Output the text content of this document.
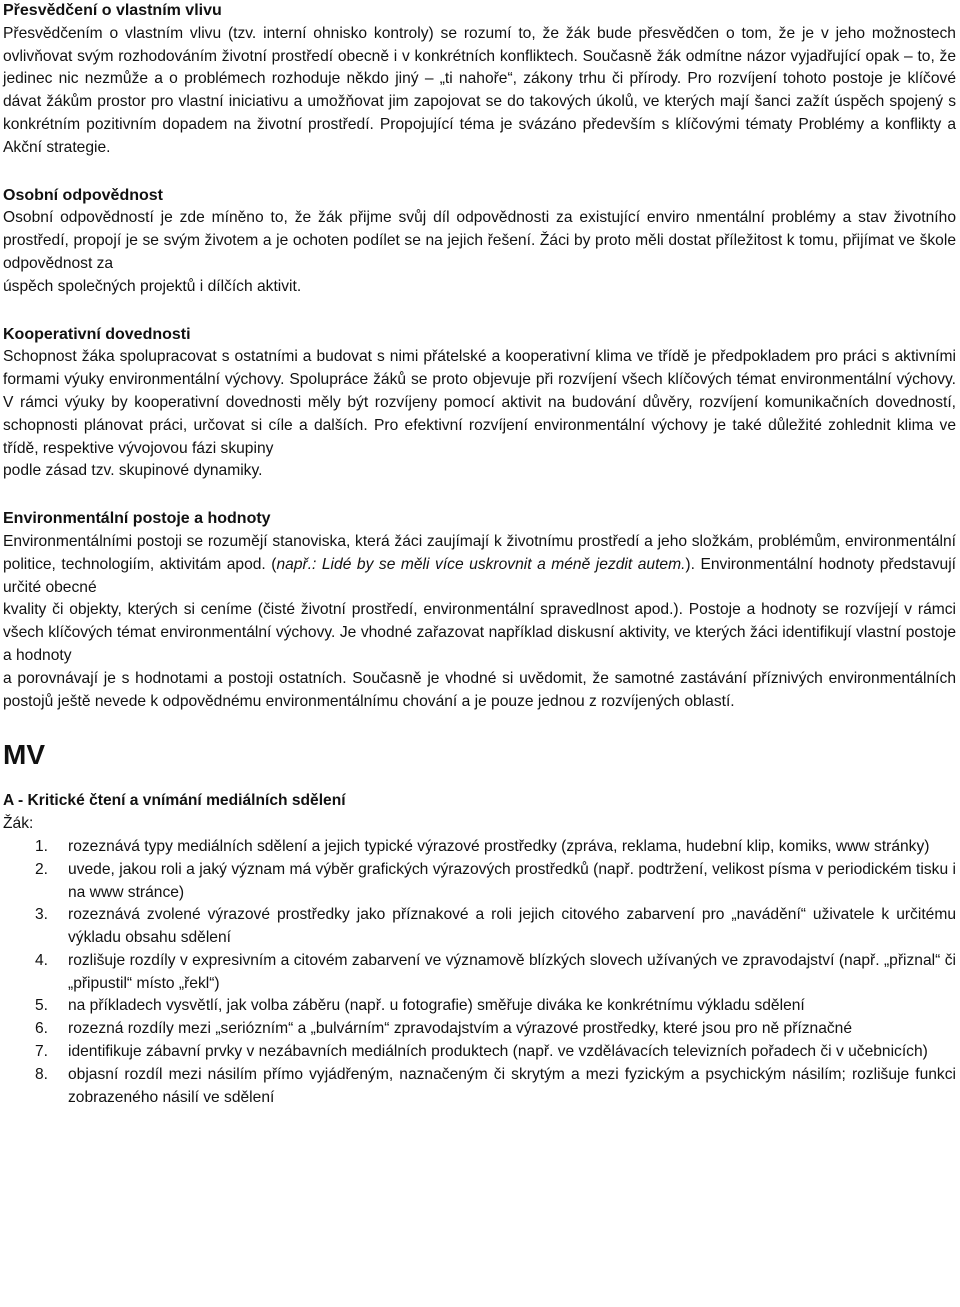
Přesvědčení o vlastním vlivu

Přesvědčením o vlastním vlivu (tzv. interní ohnisko kontroly) se rozumí to, že žák bude přesvědčen o tom, že je v jeho možnostech ovlivňovat svým rozhodováním životní prostředí obecně i v konkrétních konfliktech. Současně žák odmítne názor vyjadřující opak – to, že jedinec nic nezmůže a o problémech rozhoduje někdo jiný – „ti nahoře“, zákony trhu či přírody. Pro rozvíjení tohoto postoje je klíčové dávat žákům prostor pro vlastní iniciativu a umožňovat jim zapojovat se do takových úkolů, ve kterých mají šanci zažít úspěch spojený s konkrétním pozitivním dopadem na životní prostředí. Propojující téma je svázáno především s klíčovými tématy Problémy a konflikty a Akční strategie.

Osobní odpovědnost

Osobní odpovědností je zde míněno to, že žák přijme svůj díl odpovědnosti za existující enviro nmentální problémy a stav životního prostředí, propojí je se svým životem a je ochoten podílet se na jejich řešení. Žáci by proto měli dostat příležitost k tomu, přijímat ve škole odpovědnost za

úspěch společných projektů i dílčích aktivit.

Kooperativní dovednosti

Schopnost žáka spolupracovat s ostatními a budovat s nimi přátelské a kooperativní klima ve třídě je předpokladem pro práci s aktivními formami výuky environmentální výchovy. Spolupráce žáků se proto objevuje při rozvíjení všech klíčových témat environmentální výchovy. V rámci výuky by kooperativní dovednosti měly být rozvíjeny pomocí aktivit na budování důvěry, rozvíjení komunikačních dovedností, schopnosti plánovat práci, určovat si cíle a dalších. Pro efektivní rozvíjení environmentální výchovy je také důležité zohlednit klima ve třídě, respektive vývojovou fázi skupiny

podle zásad tzv. skupinové dynamiky.

Environmentální postoje a hodnoty

Environmentálními postoji se rozumějí stanoviska, která žáci zaujímají k životnímu prostředí a jeho složkám, problémům, environmentální politice, technologiím, aktivitám apod. (např.: Lidé by se měli více uskrovnit a méně jezdit autem.). Environmentální hodnoty představují určité obecné

kvality či objekty, kterých si ceníme (čisté životní prostředí, environmentální spravedlnost apod.). Postoje a hodnoty se rozvíjejí v rámci všech klíčových témat environmentální výchovy. Je vhodné zařazovat například diskusní aktivity, ve kterých žáci identifikují vlastní postoje a hodnoty

a porovnávají je s hodnotami a postoji ostatních. Současně je vhodné si uvědomit, že samotné zastávání příznivých environmentálních postojů ještě nevede k odpovědnému environmentálnímu chování a je pouze jednou z rozvíjených oblastí.

MV
A - Kritické čtení a vnímání mediálních sdělení
Žák:
1. rozeznává typy mediálních sdělení a jejich typické výrazové prostředky (zpráva, reklama, hudební klip, komiks, www stránky)
2. uvede, jakou roli a jaký význam má výběr grafických výrazových prostředků (např. podtržení, velikost písma v periodickém tisku i na www stránce)
3. rozeznává zvolené výrazové prostředky jako příznakové a roli jejich citového zabarvení pro „navádění“ uživatele k určitému výkladu obsahu sdělení
4. rozlišuje rozdíly v expresivním a citovém zabarvení ve významově blízkých slovech užívaných ve zpravodajství (např. „přiznal“ či „připustil“ místo „řekl“)
5. na příkladech vysvětlí, jak volba záběru (např. u fotografie) směřuje diváka ke konkrétnímu výkladu sdělení
6. rozezná rozdíly mezi „seriózním“ a „bulvárním“ zpravodajstvím a výrazové prostředky, které jsou pro ně příznačné
7. identifikuje zábavní prvky v nezábavních mediálních produktech (např. ve vzdělávacích televizních pořadech či v učebnicích)
8. objasní rozdíl mezi násilím přímo vyjádřeným, naznačeným či skrytým a mezi fyzickým a psychickým násilím; rozlišuje funkci zobrazeného násilí ve sdělení
